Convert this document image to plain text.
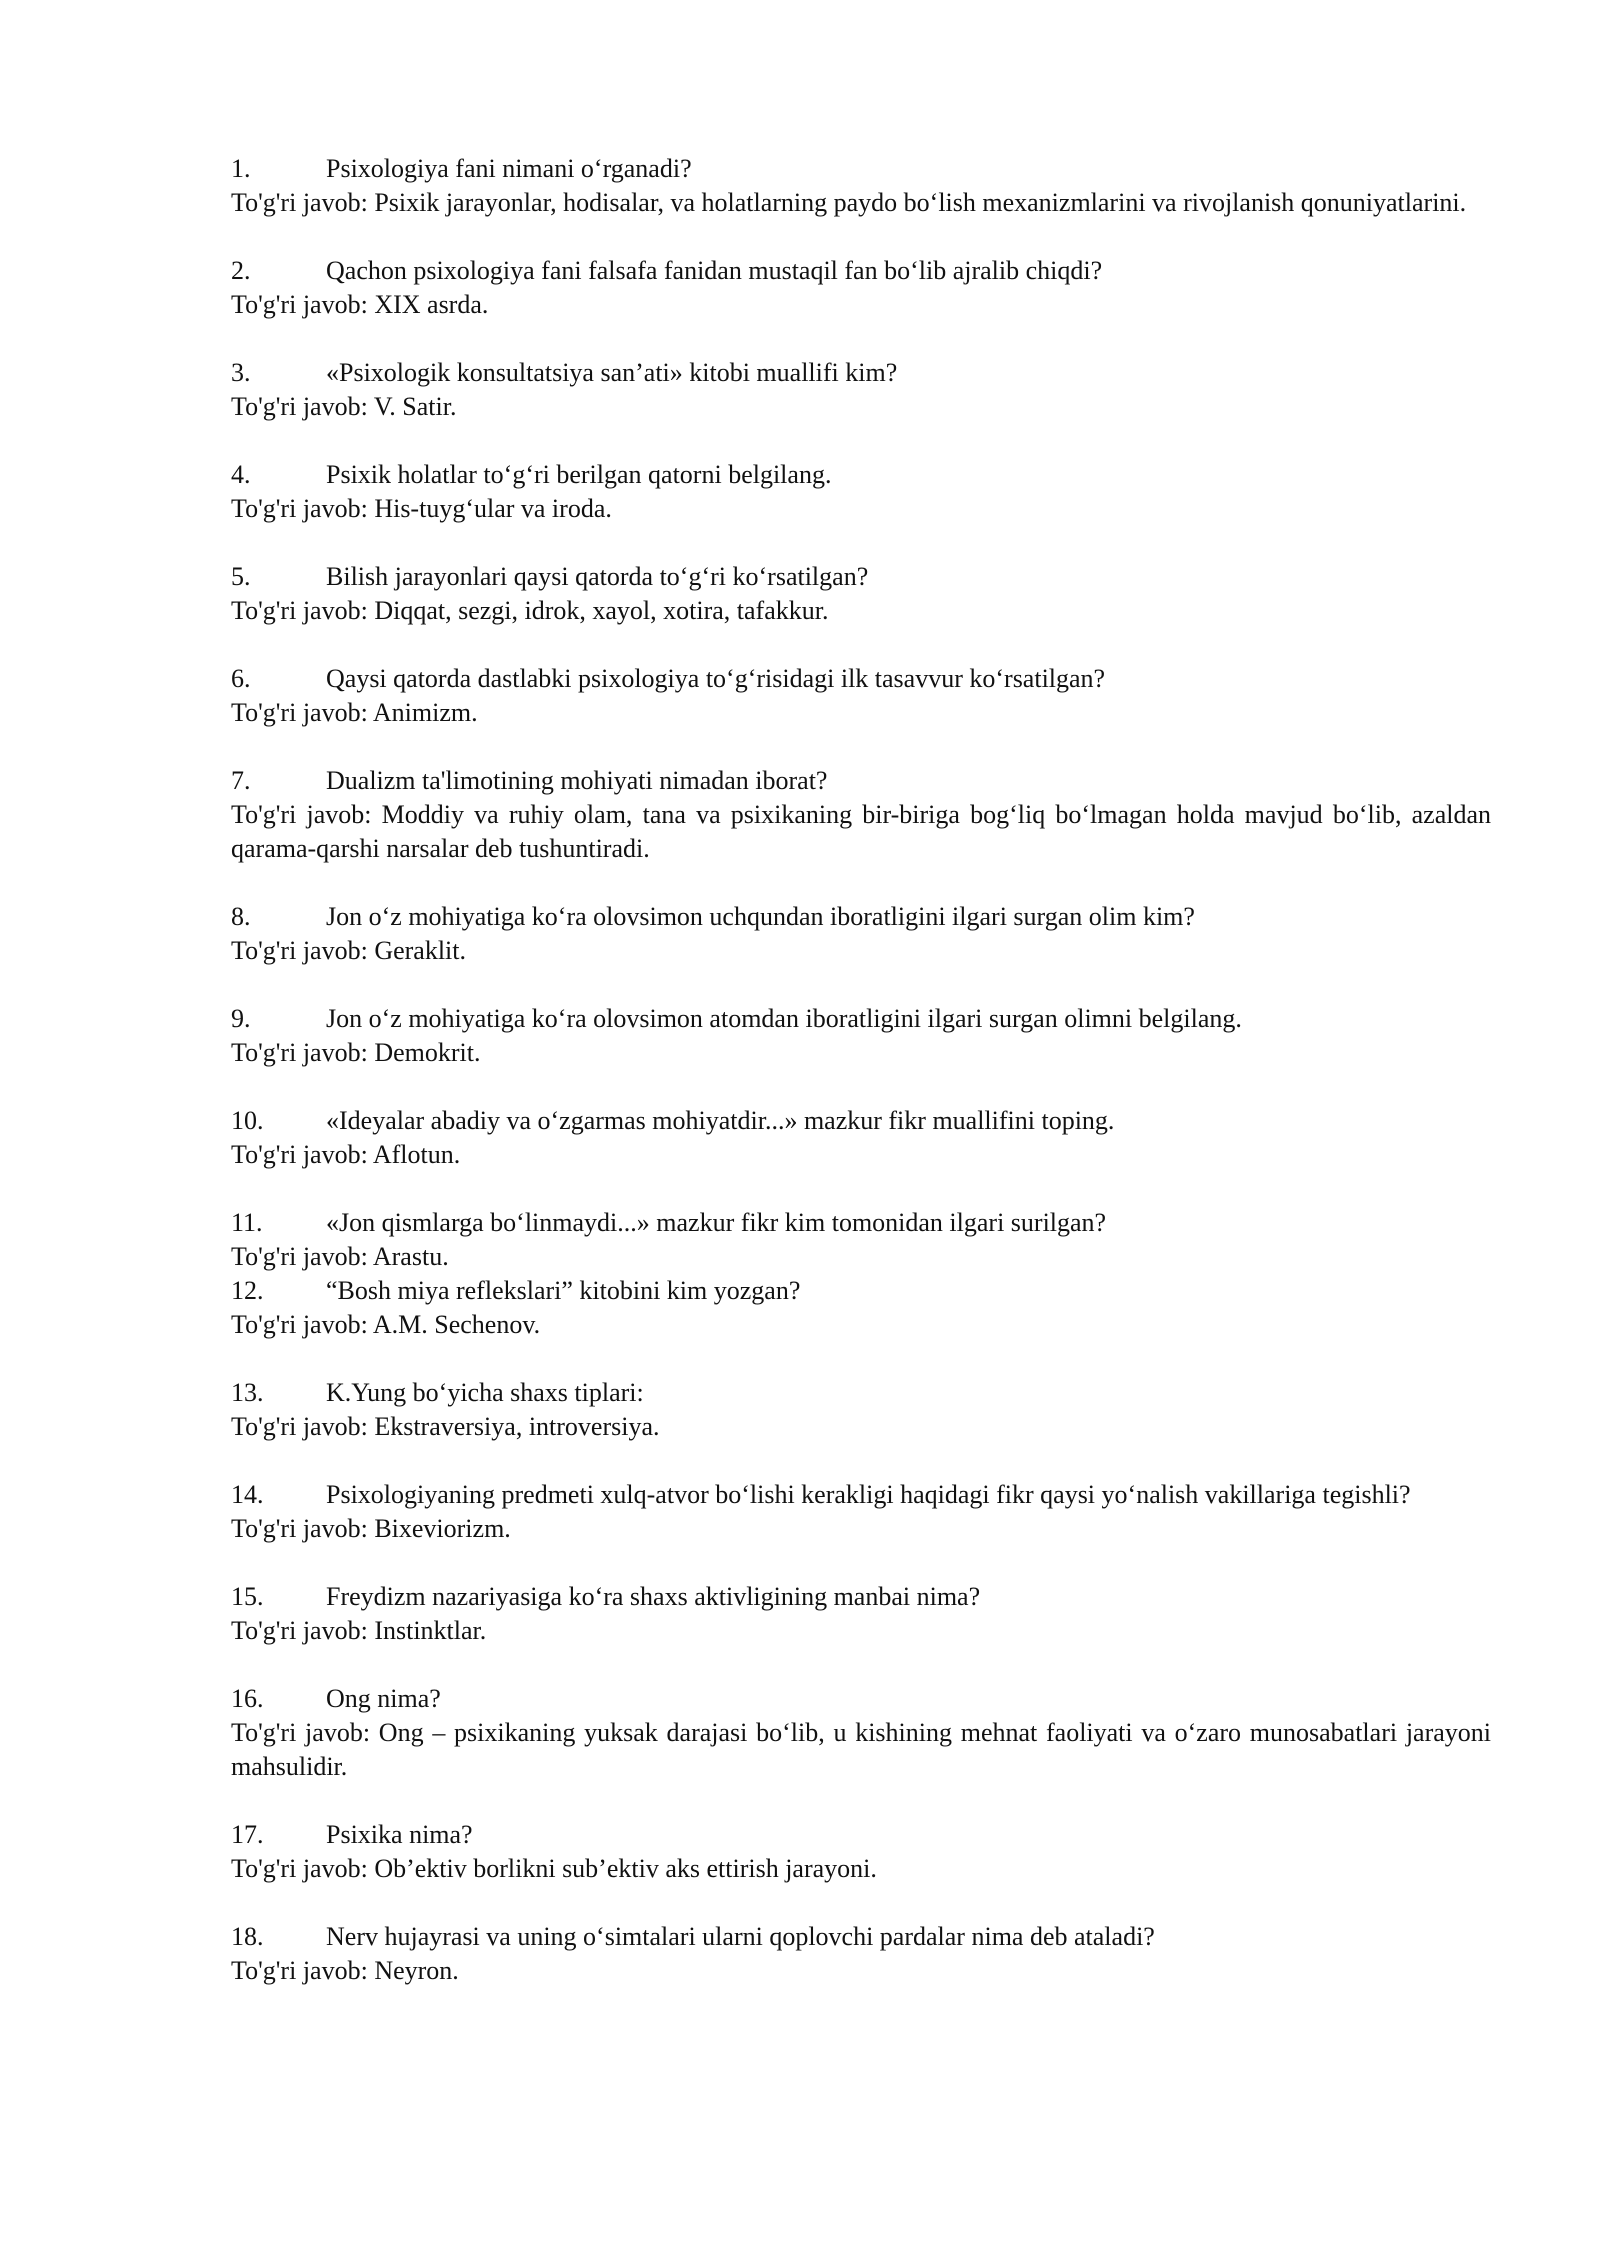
1.	Psixologiya fani nimani o‘rganadi?

To'g'ri javob: Psixik jarayonlar, hodisalar, va holatlarning paydo bo‘lish mexanizmlarini va rivojlanish qonuniyatlarini.

2.	Qachon psixologiya fani falsafa fanidan mustaqil fan bo‘lib ajralib chiqdi?

To'g'ri javob: XIX asrda.

3.	«Psixologik konsultatsiya san’ati» kitobi muallifi kim?

To'g'ri javob: V. Satir.

4.	Psixik holatlar to‘g‘ri berilgan qatorni belgilang.

To'g'ri javob: His-tuyg‘ular va iroda.

5.	Bilish jarayonlari qaysi qatorda to‘g‘ri ko‘rsatilgan?

To'g'ri javob: Diqqat, sezgi, idrok, xayol, xotira, tafakkur.

6.	Qaysi qatorda dastlabki psixologiya to‘g‘risidagi ilk tasavvur ko‘rsatilgan?

To'g'ri javob: Animizm.

7.	Dualizm ta'limotining mohiyati nimadan iborat?

To'g'ri javob: Moddiy va ruhiy olam, tana va psixikaning bir-biriga bog‘liq bo‘lmagan holda mavjud bo‘lib, azaldan qarama-qarshi narsalar deb tushuntiradi.

8.	Jon o‘z mohiyatiga ko‘ra olovsimon uchqundan iboratligini ilgari surgan olim kim?

To'g'ri javob: Geraklit.

9.	Jon o‘z mohiyatiga ko‘ra olovsimon atomdan iboratligini ilgari surgan olimni belgilang.

To'g'ri javob: Demokrit.

10.	«Ideyalar abadiy va o‘zgarmas mohiyatdir...» mazkur fikr muallifini toping.

To'g'ri javob: Aflotun.

11.	«Jon qismlarga bo‘linmaydi...» mazkur fikr kim tomonidan ilgari surilgan?

To'g'ri javob: Arastu.

12.	“Bosh miya reflekslari” kitobini kim yozgan?

To'g'ri javob: A.M. Sechenov.

13.	K.Yung bo‘yicha shaxs tiplari:

To'g'ri javob: Ekstraversiya, introversiya.

14. Psixologiyaning predmeti xulq-atvor bo‘lishi kerakligi haqidagi fikr qaysi yo‘nalish vakillariga tegishli?

To'g'ri javob: Bixeviorizm.

15.	Freydizm nazariyasiga ko‘ra shaxs aktivligining manbai nima?

To'g'ri javob: Instinktlar.

16.	Ong nima?

To'g'ri javob: Ong – psixikaning yuksak darajasi bo‘lib, u kishining mehnat faoliyati va o‘zaro munosabatlari jarayoni mahsulidir.

17.	Psixika nima?

To'g'ri javob: Ob’ektiv borlikni sub’ektiv aks ettirish jarayoni.

18.	Nerv hujayrasi va uning o‘simtalari ularni qoplovchi pardalar nima deb ataladi?

To'g'ri javob: Neyron.
